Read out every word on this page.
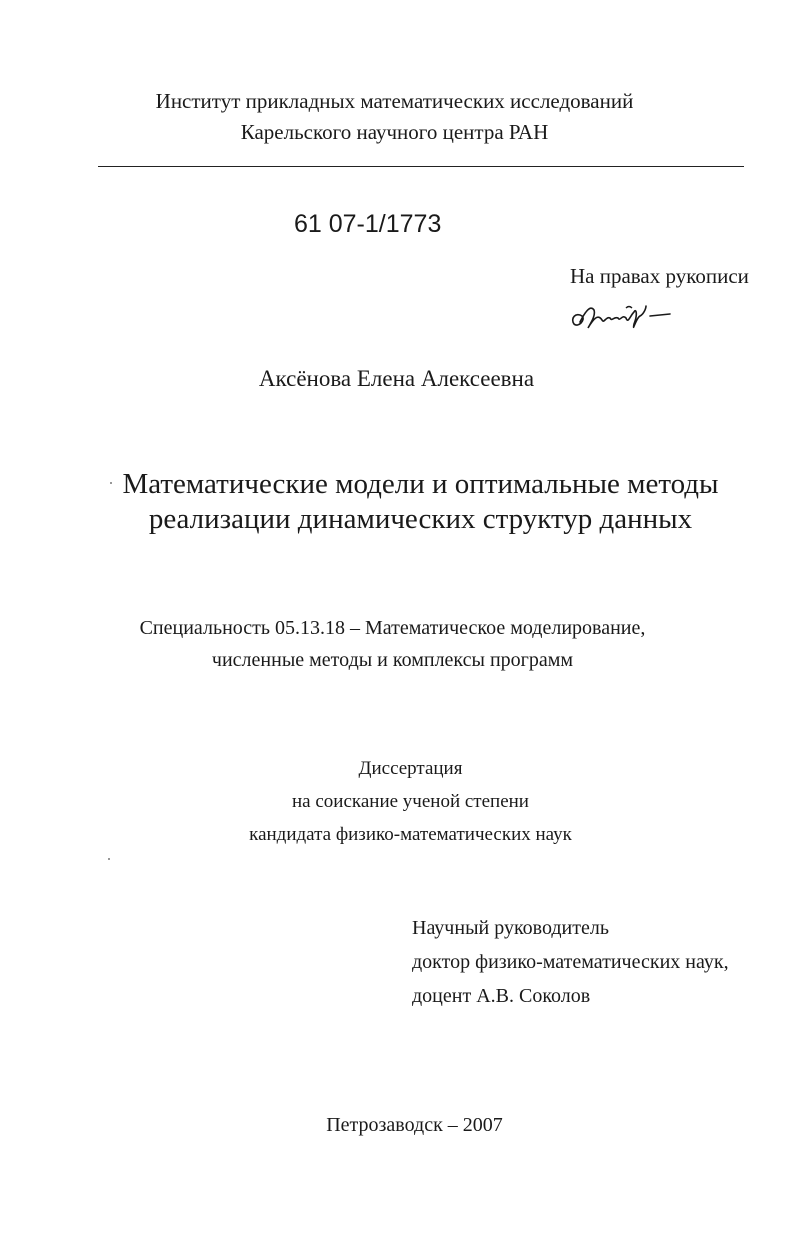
Институт прикладных математических исследований
Карельского научного центра РАН
61 07-1/1773
На правах рукописи
Аксёнова Елена Алексеевна
Математические модели и оптимальные методы
реализации динамических структур данных
Специальность 05.13.18 – Математическое моделирование,
численные методы и комплексы программ
Диссертация
на соискание ученой степени
кандидата физико-математических наук
Научный руководитель
доктор физико-математических наук,
доцент А.В. Соколов
Петрозаводск – 2007
